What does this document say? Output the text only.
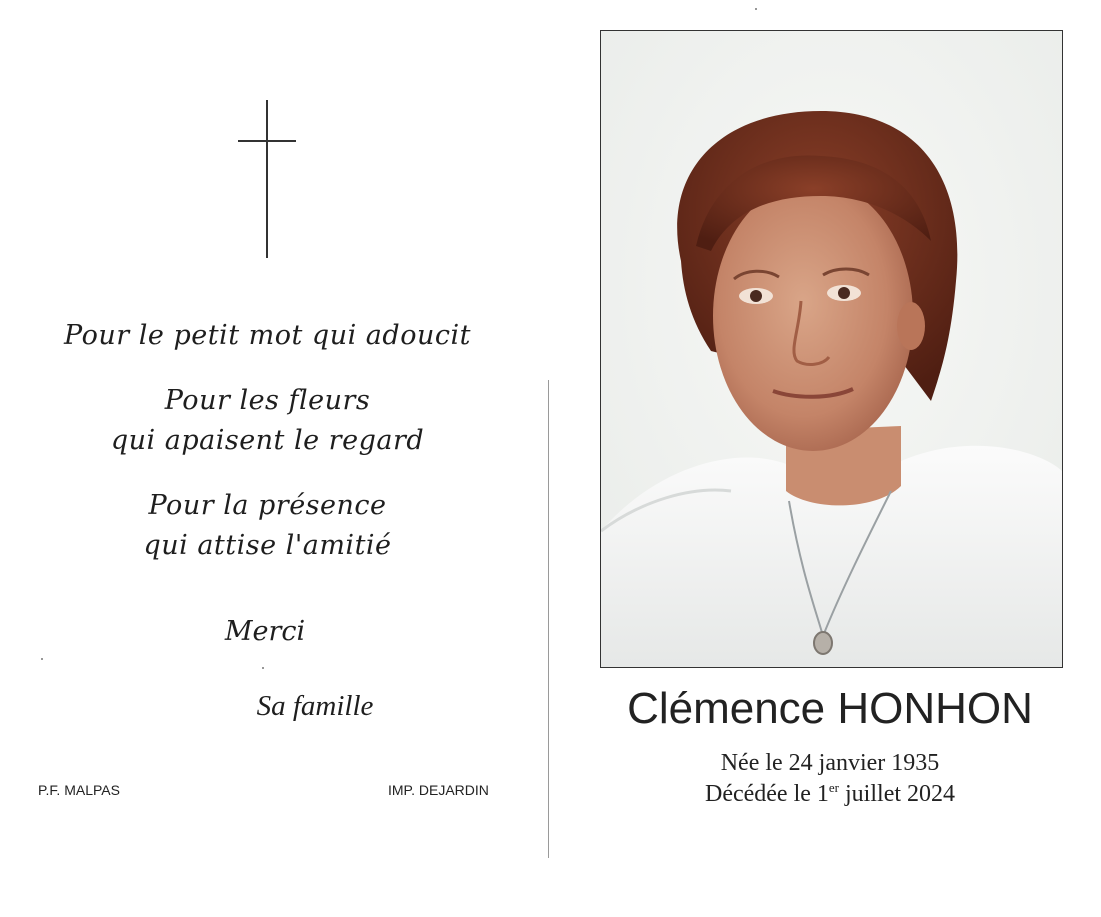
Pour le petit mot qui adoucit
Pour les fleurs
qui apaisent le regard
Pour la présence
qui attise l'amitié
Merci
Sa famille
P.F. MALPAS	IMP. DEJARDIN
Clémence HONHON
Née le 24 janvier 1935
Décédée le 1er juillet 2024
